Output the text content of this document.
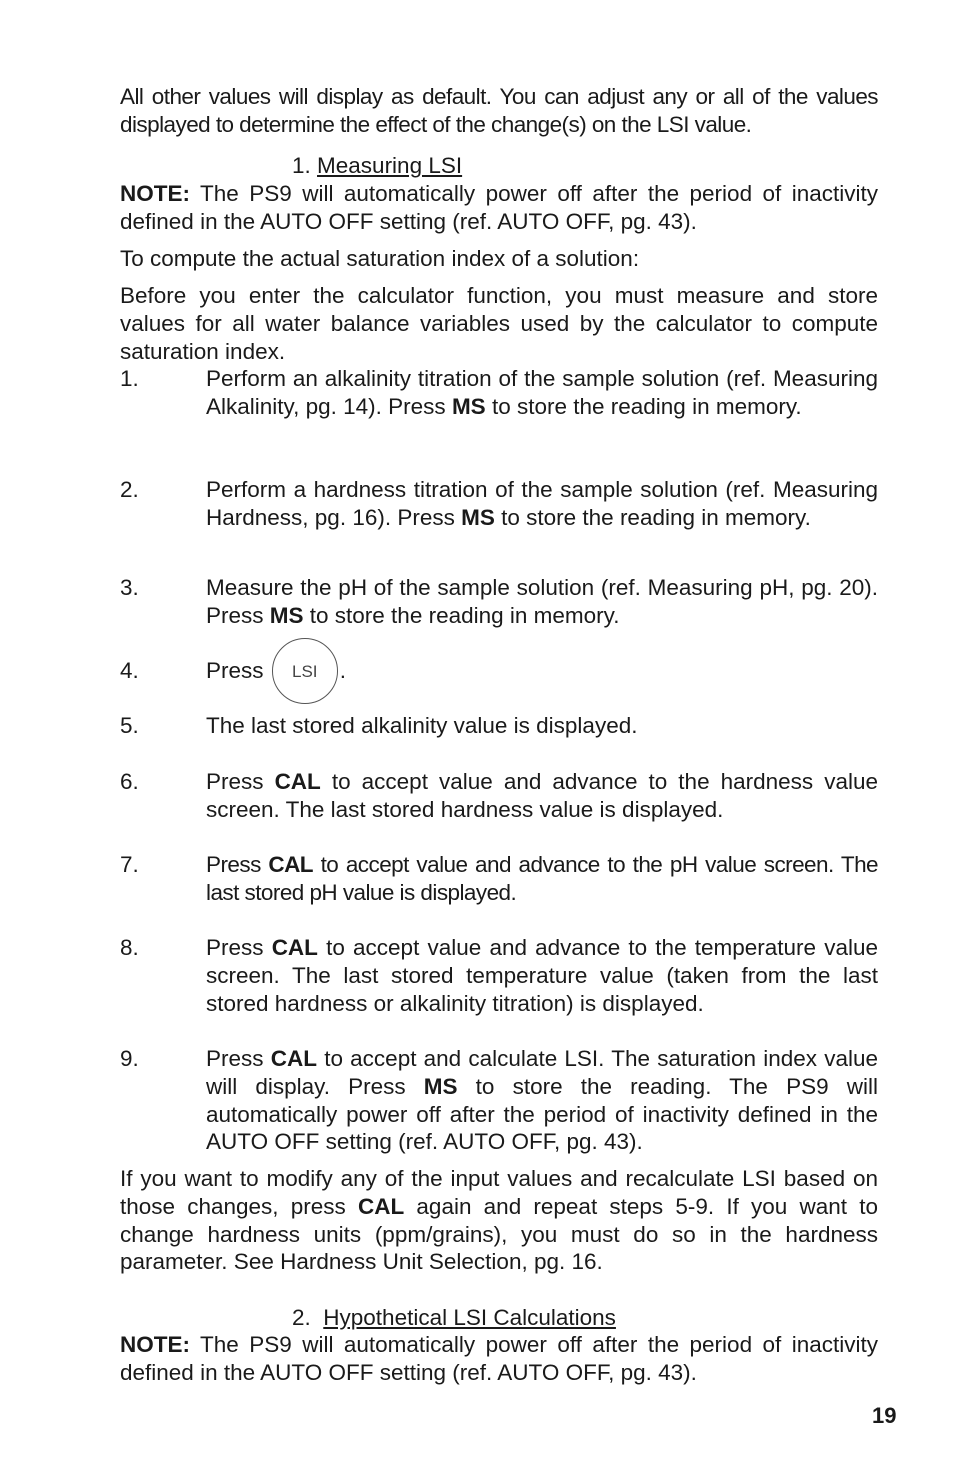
All other values will display as default. You can adjust any or all of the values displayed to determine the effect of the change(s) on the LSI value.

1. Measuring LSI

NOTE: The PS9 will automatically power off after the period of inactivity defined in the AUTO OFF setting (ref. AUTO OFF, pg. 43).

To compute the actual saturation index of a solution:

Before you enter the calculator function, you must measure and store values for all water balance variables used by the calculator to compute saturation index.

1.	Perform an alkalinity titration of the sample solution (ref. Measuring Alkalinity, pg. 14). Press MS to store the reading in memory.

2.	Perform a hardness titration of the sample solution (ref. Measuring Hardness, pg. 16). Press MS to store the reading in memory.

3.	Measure the pH of the sample solution (ref. Measuring pH, pg. 20). Press MS to store the reading in memory.

4.	Press LSI .

5.	The last stored alkalinity value is displayed.

6.	Press CAL to accept value and advance to the hardness value screen. The last stored hardness value is displayed.

7.	Press CAL to accept value and advance to the pH value screen. The last stored pH value is displayed.

8.	Press CAL to accept value and advance to the temperature value screen. The last stored temperature value (taken from the last stored hardness or alkalinity titration) is displayed.

9.	Press CAL to accept and calculate LSI. The saturation index value will display. Press MS to store the reading. The PS9 will automatically power off after the period of inactivity defined in the AUTO OFF setting (ref. AUTO OFF, pg. 43).

If you want to modify any of the input values and recalculate LSI based on those changes, press CAL again and repeat steps 5-9. If you want to change hardness units (ppm/grains), you must do so in the hardness parameter. See Hardness Unit Selection, pg. 16.

2. Hypothetical LSI Calculations

NOTE: The PS9 will automatically power off after the period of inactivity defined in the AUTO OFF setting (ref. AUTO OFF, pg. 43).

19
